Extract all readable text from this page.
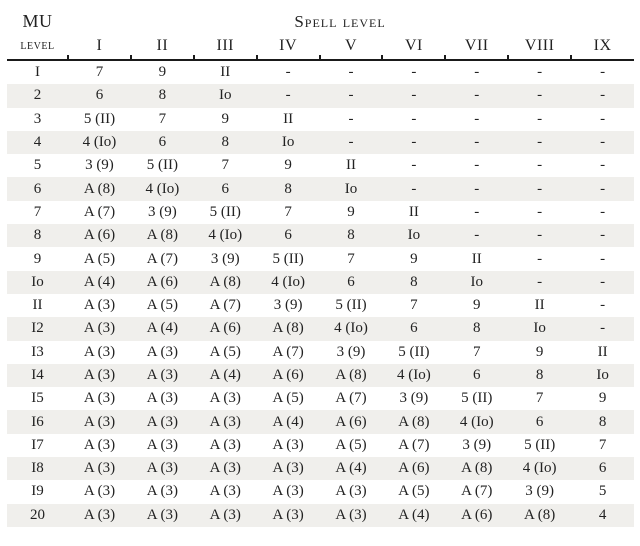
MU	Spell level								
level	I	II	III	IV	V	VI	VII	VIII	IX
I	7	9	II	-	-	-	-	-	-
2	6	8	Io	-	-	-	-	-	-
3	5 (II)	7	9	II	-	-	-	-	-
4	4 (Io)	6	8	Io	-	-	-	-	-
5	3 (9)	5 (II)	7	9	II	-	-	-	-
6	A (8)	4 (Io)	6	8	Io	-	-	-	-
7	A (7)	3 (9)	5 (II)	7	9	II	-	-	-
8	A (6)	A (8)	4 (Io)	6	8	Io	-	-	-
9	A (5)	A (7)	3 (9)	5 (II)	7	9	II	-	-
Io	A (4)	A (6)	A (8)	4 (Io)	6	8	Io	-	-
II	A (3)	A (5)	A (7)	3 (9)	5 (II)	7	9	II	-
I2	A (3)	A (4)	A (6)	A (8)	4 (Io)	6	8	Io	-
I3	A (3)	A (3)	A (5)	A (7)	3 (9)	5 (II)	7	9	II
I4	A (3)	A (3)	A (4)	A (6)	A (8)	4 (Io)	6	8	Io
I5	A (3)	A (3)	A (3)	A (5)	A (7)	3 (9)	5 (II)	7	9
I6	A (3)	A (3)	A (3)	A (4)	A (6)	A (8)	4 (Io)	6	8
I7	A (3)	A (3)	A (3)	A (3)	A (5)	A (7)	3 (9)	5 (II)	7
I8	A (3)	A (3)	A (3)	A (3)	A (4)	A (6)	A (8)	4 (Io)	6
I9	A (3)	A (3)	A (3)	A (3)	A (3)	A (5)	A (7)	3 (9)	5
20	A (3)	A (3)	A (3)	A (3)	A (3)	A (4)	A (6)	A (8)	4
